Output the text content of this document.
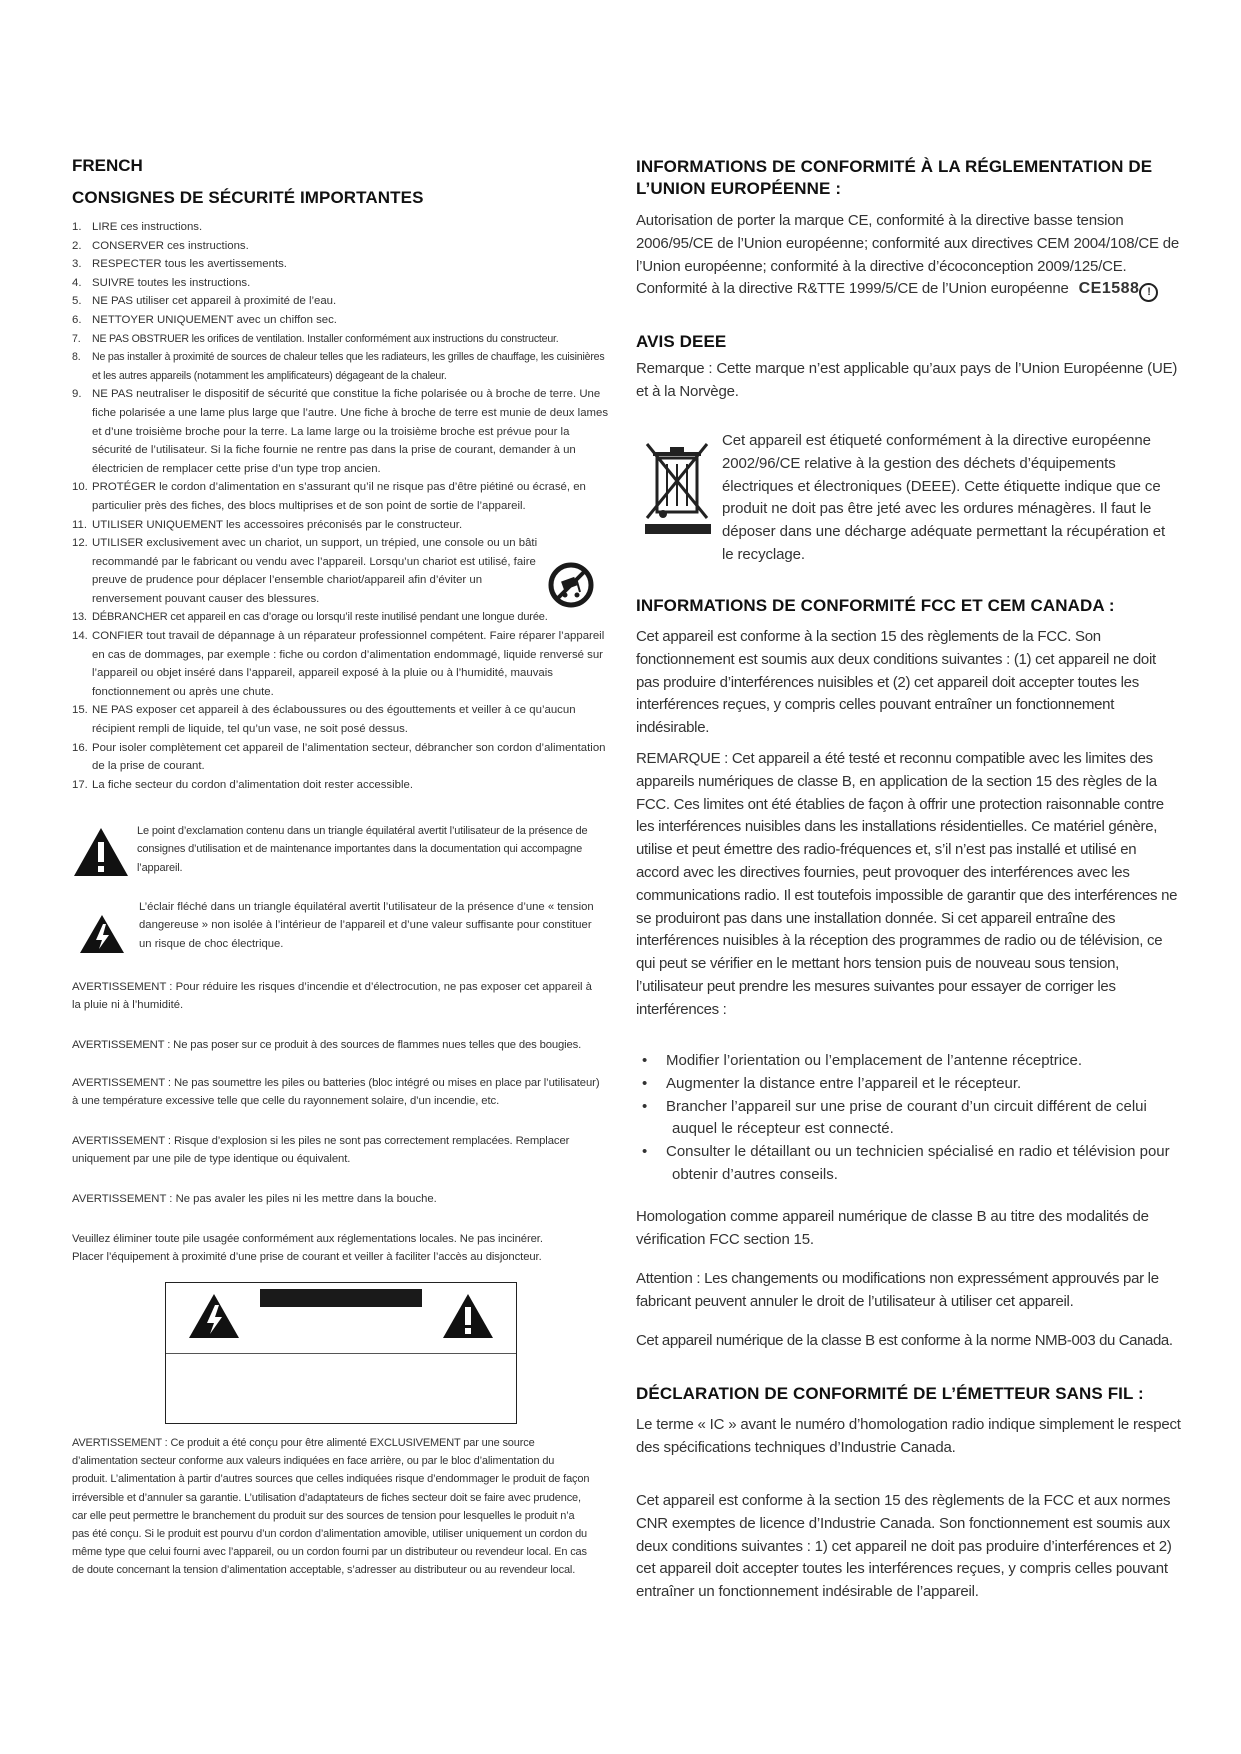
FRENCH
CONSIGNES DE SÉCURITÉ IMPORTANTES
1. LIRE ces instructions.
2. CONSERVER ces instructions.
3. RESPECTER tous les avertissements.
4. SUIVRE toutes les instructions.
5. NE PAS utiliser cet appareil à proximité de l’eau.
6. NETTOYER UNIQUEMENT avec un chiffon sec.
7. NE PAS OBSTRUER les orifices de ventilation. Installer conformément aux instructions du constructeur.
8. Ne pas installer à proximité de sources de chaleur telles que les radiateurs, les grilles de chauffage, les cuisinières et les autres appareils (notamment les amplificateurs) dégageant de la chaleur.
9. NE PAS neutraliser le dispositif de sécurité que constitue la fiche polarisée ou à broche de terre. Une fiche polarisée a une lame plus large que l’autre. Une fiche à broche de terre est munie de deux lames et d’une troisième broche pour la terre. La lame large ou la troisième broche est prévue pour la sécurité de l’utilisateur. Si la fiche fournie ne rentre pas dans la prise de courant, demander à un électricien de remplacer cette prise d’un type trop ancien.
10. PROTÉGER le cordon d’alimentation en s’assurant qu’il ne risque pas d’être piétiné ou écrasé, en particulier près des fiches, des blocs multiprises et de son point de sortie de l’appareil.
11. UTILISER UNIQUEMENT les accessoires préconisés par le constructeur.
12. UTILISER exclusivement avec un chariot, un support, un trépied, une console ou un bâti recommandé par le fabricant ou vendu avec l’appareil. Lorsqu’un chariot est utilisé, faire preuve de prudence pour déplacer l’ensemble chariot/appareil afin d’éviter un renversement pouvant causer des blessures.
13. DÉBRANCHER cet appareil en cas d’orage ou lorsqu’il reste inutilisé pendant une longue durée.
14. CONFIER tout travail de dépannage à un réparateur professionnel compétent. Faire réparer l’appareil en cas de dommages, par exemple : fiche ou cordon d’alimentation endommagé, liquide renversé sur l’appareil ou objet inséré dans l’appareil, appareil exposé à la pluie ou à l’humidité, mauvais fonctionnement ou après une chute.
15. NE PAS exposer cet appareil à des éclaboussures ou des égouttements et veiller à ce qu’aucun récipient rempli de liquide, tel qu’un vase, ne soit posé dessus.
16. Pour isoler complètement cet appareil de l’alimentation secteur, débrancher son cordon d’alimentation de la prise de courant.
17. La fiche secteur du cordon d’alimentation doit rester accessible.

Le point d’exclamation contenu dans un triangle équilatéral avertit l’utilisateur de la présence de consignes d’utilisation et de maintenance importantes dans la documentation qui accompagne l’appareil.

L’éclair fléché dans un triangle équilatéral avertit l’utilisateur de la présence d’une « tension dangereuse » non isolée à l’intérieur de l’appareil et d’une valeur suffisante pour constituer un risque de choc électrique.

AVERTISSEMENT : Pour réduire les risques d’incendie et d’électrocution, ne pas exposer cet appareil à la pluie ni à l’humidité.

AVERTISSEMENT : Ne pas poser sur ce produit à des sources de flammes nues telles que des bougies.

AVERTISSEMENT : Ne pas soumettre les piles ou batteries (bloc intégré ou mises en place par l’utilisateur) à une température excessive telle que celle du rayonnement solaire, d’un incendie, etc.

AVERTISSEMENT : Risque d’explosion si les piles ne sont pas correctement remplacées. Remplacer uniquement par une pile de type identique ou équivalent.

AVERTISSEMENT : Ne pas avaler les piles ni les mettre dans la bouche.

Veuillez éliminer toute pile usagée conformément aux réglementations locales. Ne pas incinérer. Placer l’équipement à proximité d’une prise de courant et veiller à faciliter l’accès au disjoncteur.

AVERTISSEMENT : Ce produit a été conçu pour être alimenté EXCLUSIVEMENT par une source d’alimentation secteur conforme aux valeurs indiquées en face arrière, ou par le bloc d’alimentation du produit. L’alimentation à partir d’autres sources que celles indiquées risque d’endommager le produit de façon irréversible et d’annuler sa garantie. L’utilisation d’adaptateurs de fiches secteur doit se faire avec prudence, car elle peut permettre le branchement du produit sur des sources de tension pour lesquelles le produit n’a pas été conçu. Si le produit est pourvu d’un cordon d’alimentation amovible, utiliser uniquement un cordon du même type que celui fourni avec l’appareil, ou un cordon fourni par un distributeur ou revendeur local. En cas de doute concernant la tension d’alimentation acceptable, s’adresser au distributeur ou au revendeur local.

INFORMATIONS DE CONFORMITÉ À LA RÉGLEMENTATION DE
L’UNION EUROPÉENNE :

Autorisation de porter la marque CE, conformité à la directive basse tension 2006/95/CE de l’Union européenne; conformité aux directives CEM 2004/108/CE de l’Union européenne; conformité à la directive d’écoconception 2009/125/CE. Conformité à la directive R&TTE 1999/5/CE de l’Union européenne CE1588 !

AVIS DEEE

Remarque : Cette marque n’est applicable qu’aux pays de l’Union Européenne (UE) et à la Norvège.

Cet appareil est étiqueté conformément à la directive européenne 2002/96/CE relative à la gestion des déchets d’équipements électriques et électroniques (DEEE). Cette étiquette indique que ce produit ne doit pas être jeté avec les ordures ménagères. Il faut le déposer dans une décharge adéquate permettant la récupération et le recyclage.

INFORMATIONS DE CONFORMITÉ FCC ET CEM CANADA :

Cet appareil est conforme à la section 15 des règlements de la FCC. Son fonctionnement est soumis aux deux conditions suivantes : (1) cet appareil ne doit pas produire d’interférences nuisibles et (2) cet appareil doit accepter toutes les interférences reçues, y compris celles pouvant entraîner un fonctionnement indésirable.

REMARQUE : Cet appareil a été testé et reconnu compatible avec les limites des appareils numériques de classe B, en application de la section 15 des règles de la FCC. Ces limites ont été établies de façon à offrir une protection raisonnable contre les interférences nuisibles dans les installations résidentielles. Ce matériel génère, utilise et peut émettre des radio-fréquences et, s’il n’est pas installé et utilisé en accord avec les directives fournies, peut provoquer des interférences avec les communications radio. Il est toutefois impossible de garantir que des interférences ne se produiront pas dans une installation donnée. Si cet appareil entraîne des interférences nuisibles à la réception des programmes de radio ou de télévision, ce qui peut se vérifier en le mettant hors tension puis de nouveau sous tension, l’utilisateur peut prendre les mesures suivantes pour essayer de corriger les interférences :

• Modifier l’orientation ou l’emplacement de l’antenne réceptrice.
• Augmenter la distance entre l’appareil et le récepteur.
• Brancher l’appareil sur une prise de courant d’un circuit différent de celui auquel le récepteur est connecté.
• Consulter le détaillant ou un technicien spécialisé en radio et télévision pour obtenir d’autres conseils.

Homologation comme appareil numérique de classe B au titre des modalités de vérification FCC section 15.

Attention : Les changements ou modifications non expressément approuvés par le fabricant peuvent annuler le droit de l’utilisateur à utiliser cet appareil.

Cet appareil numérique de la classe B est conforme à la norme NMB-003 du Canada.

DÉCLARATION DE CONFORMITÉ DE L’ÉMETTEUR SANS FIL :

Le terme « IC » avant le numéro d’homologation radio indique simplement le respect des spécifications techniques d’Industrie Canada.

Cet appareil est conforme à la section 15 des règlements de la FCC et aux normes CNR exemptes de licence d’Industrie Canada. Son fonctionnement est soumis aux deux conditions suivantes : 1) cet appareil ne doit pas produire d’interférences et 2) cet appareil doit accepter toutes les interférences reçues, y compris celles pouvant entraîner un fonctionnement indésirable de l’appareil.
